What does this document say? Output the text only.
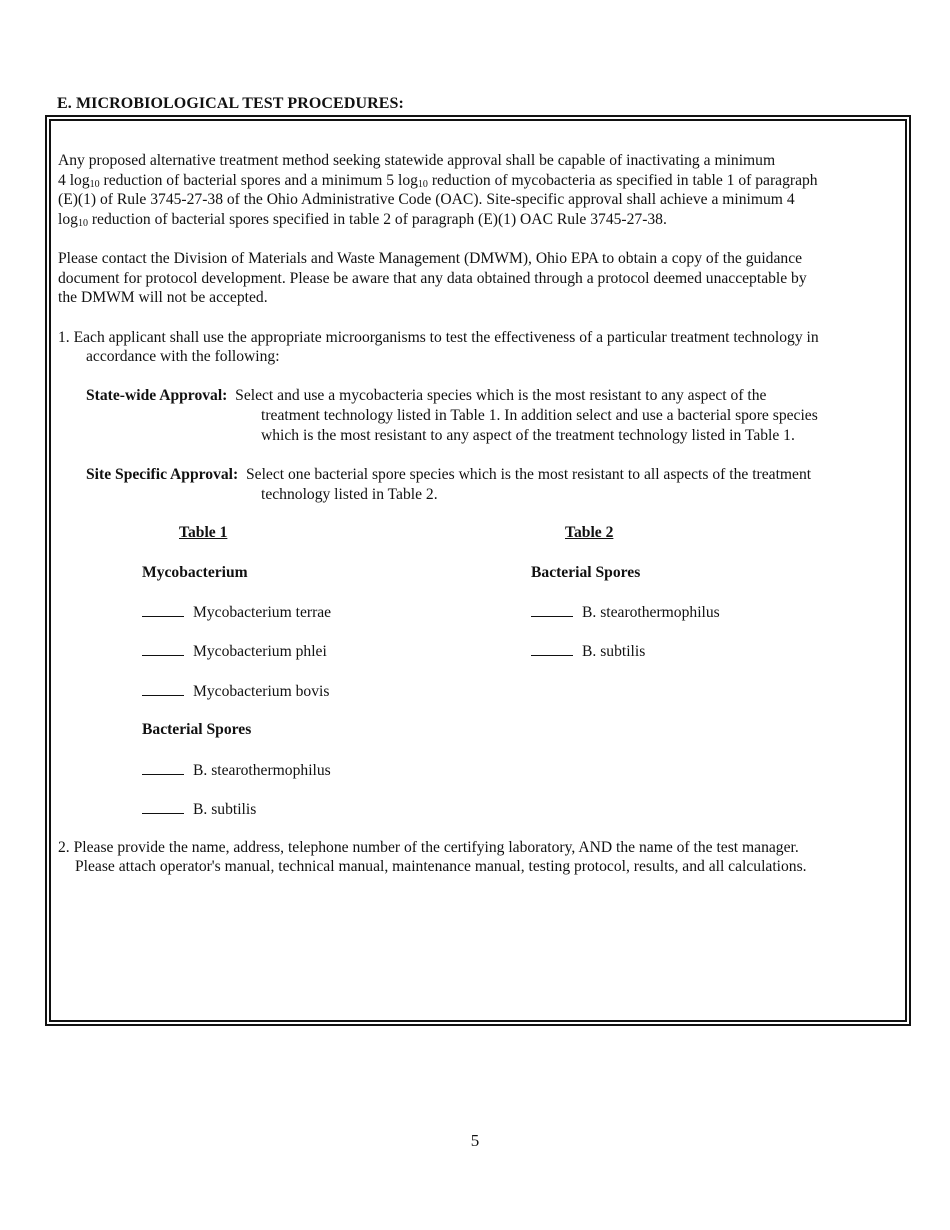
E. MICROBIOLOGICAL TEST PROCEDURES:
Any proposed alternative treatment method seeking statewide approval shall be capable of inactivating a minimum
4 $\log_{10}$ reduction of bacterial spores and a minimum 5 $\log_{10}$ reduction of mycobacteria as specified in table 1 of paragraph
(E)(1) of Rule 3745-27-38 of the Ohio Administrative Code (OAC). Site-specific approval shall achieve a minimum 4
$\log_{10}$ reduction of bacterial spores specified in table 2 of paragraph (E)(1) OAC Rule 3745-27-38.
Please contact the Division of Materials and Waste Management (DMWM), Ohio EPA to obtain a copy of the guidance
document for protocol development. Please be aware that any data obtained through a protocol deemed unacceptable by
the DMWM will not be accepted.
1. Each applicant shall use the appropriate microorganisms to test the effectiveness of a particular treatment technology in
accordance with the following:
State-wide Approval: Select and use a mycobacteria species which is the most resistant to any aspect of the
treatment technology listed in Table 1. In addition select and use a bacterial spore species
which is the most resistant to any aspect of the treatment technology listed in Table 1.
Site Specific Approval: Select one bacterial spore species which is the most resistant to all aspects of the treatment
technology listed in Table 2.
Table 1
Mycobacterium
Mycobacterium terrae
Mycobacterium phlei
Mycobacterium bovis
Bacterial Spores
B. stearothermophilus
B. subtilis
Table 2
Bacterial Spores
B. stearothermophilus
B. subtilis
2. Please provide the name, address, telephone number of the certifying laboratory, AND the name of the test manager.
Please attach operator's manual, technical manual, maintenance manual, testing protocol, results, and all calculations.
5
